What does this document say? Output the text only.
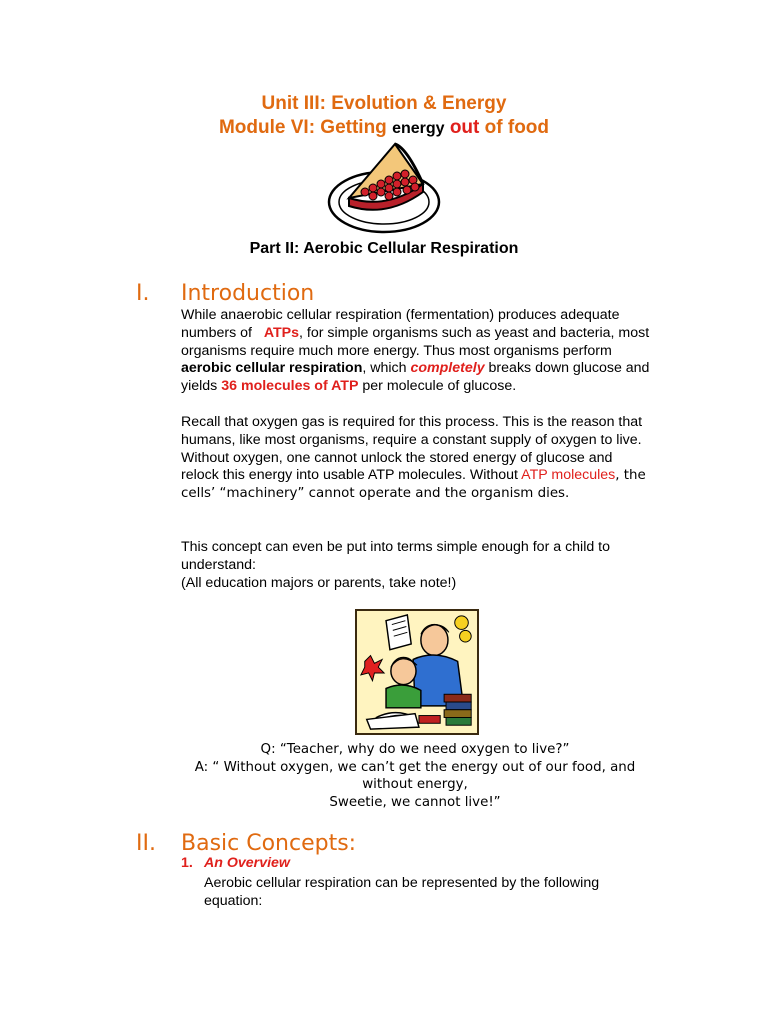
Unit III: Evolution & Energy
Module VI: Getting energy out of food
Part II: Aerobic Cellular Respiration
I. Introduction

While anaerobic cellular respiration (fermentation) produces adequate numbers of ATPs, for simple organisms such as yeast and bacteria, most organisms require much more energy. Thus most organisms perform aerobic cellular respiration, which completely breaks down glucose and yields 36 molecules of ATP per molecule of glucose.

Recall that oxygen gas is required for this process. This is the reason that humans, like most organisms, require a constant supply of oxygen to live. Without oxygen, one cannot unlock the stored energy of glucose and relock this energy into usable ATP molecules. Without ATP molecules, the cells’ “machinery” cannot operate and the organism dies.

This concept can even be put into terms simple enough for a child to understand:

(All education majors or parents, take note!)

Q: “Teacher, why do we need oxygen to live?”
A: “ Without oxygen, we can’t get the energy out of our food, and without energy,
Sweetie, we cannot live!”
II. Basic Concepts:
1. An Overview
Aerobic cellular respiration can be represented by the following equation:
